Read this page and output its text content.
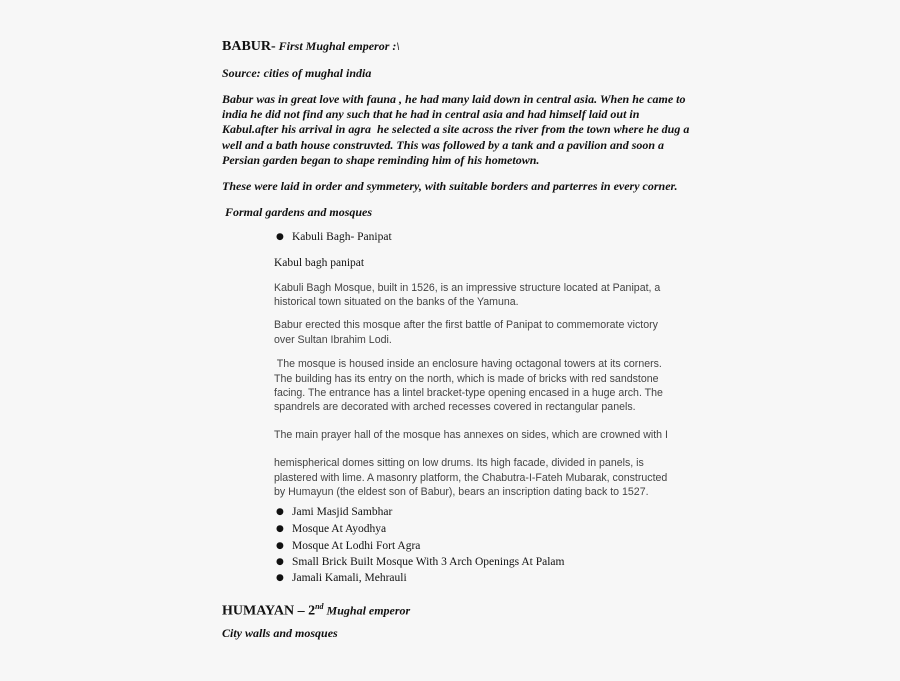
BABUR- First Mughal emperor :\
Source: cities of mughal india
Babur was in great love with fauna , he had many laid down in central asia. When he came to
india he did not find any such that he had in central asia and had himself laid out in
Kabul.after his arrival in agra  he selected a site across the river from the town where he dug a
well and a bath house construvted. This was followed by a tank and a pavilion and soon a
Persian garden began to shape reminding him of his hometown.
These were laid in order and symmetery, with suitable borders and parterres in every corner.
Formal gardens and mosques
● Kabuli Bagh- Panipat
Kabul bagh panipat
Kabuli Bagh Mosque, built in 1526, is an impressive structure located at Panipat, a
historical town situated on the banks of the Yamuna.
Babur erected this mosque after the first battle of Panipat to commemorate victory
over Sultan Ibrahim Lodi.
The mosque is housed inside an enclosure having octagonal towers at its corners.
The building has its entry on the north, which is made of bricks with red sandstone
facing. The entrance has a lintel bracket-type opening encased in a huge arch. The
spandrels are decorated with arched recesses covered in rectangular panels.
The main prayer hall of the mosque has annexes on sides, which are crowned with I
hemispherical domes sitting on low drums. Its high facade, divided in panels, is
plastered with lime. A masonry platform, the Chabutra-I-Fateh Mubarak, constructed
by Humayun (the eldest son of Babur), bears an inscription dating back to 1527.
● Jami Masjid Sambhar
● Mosque At Ayodhya
● Mosque At Lodhi Fort Agra
● Small Brick Built Mosque With 3 Arch Openings At Palam
● Jamali Kamali, Mehrauli
HUMAYAN – 2nd Mughal emperor
City walls and mosques
